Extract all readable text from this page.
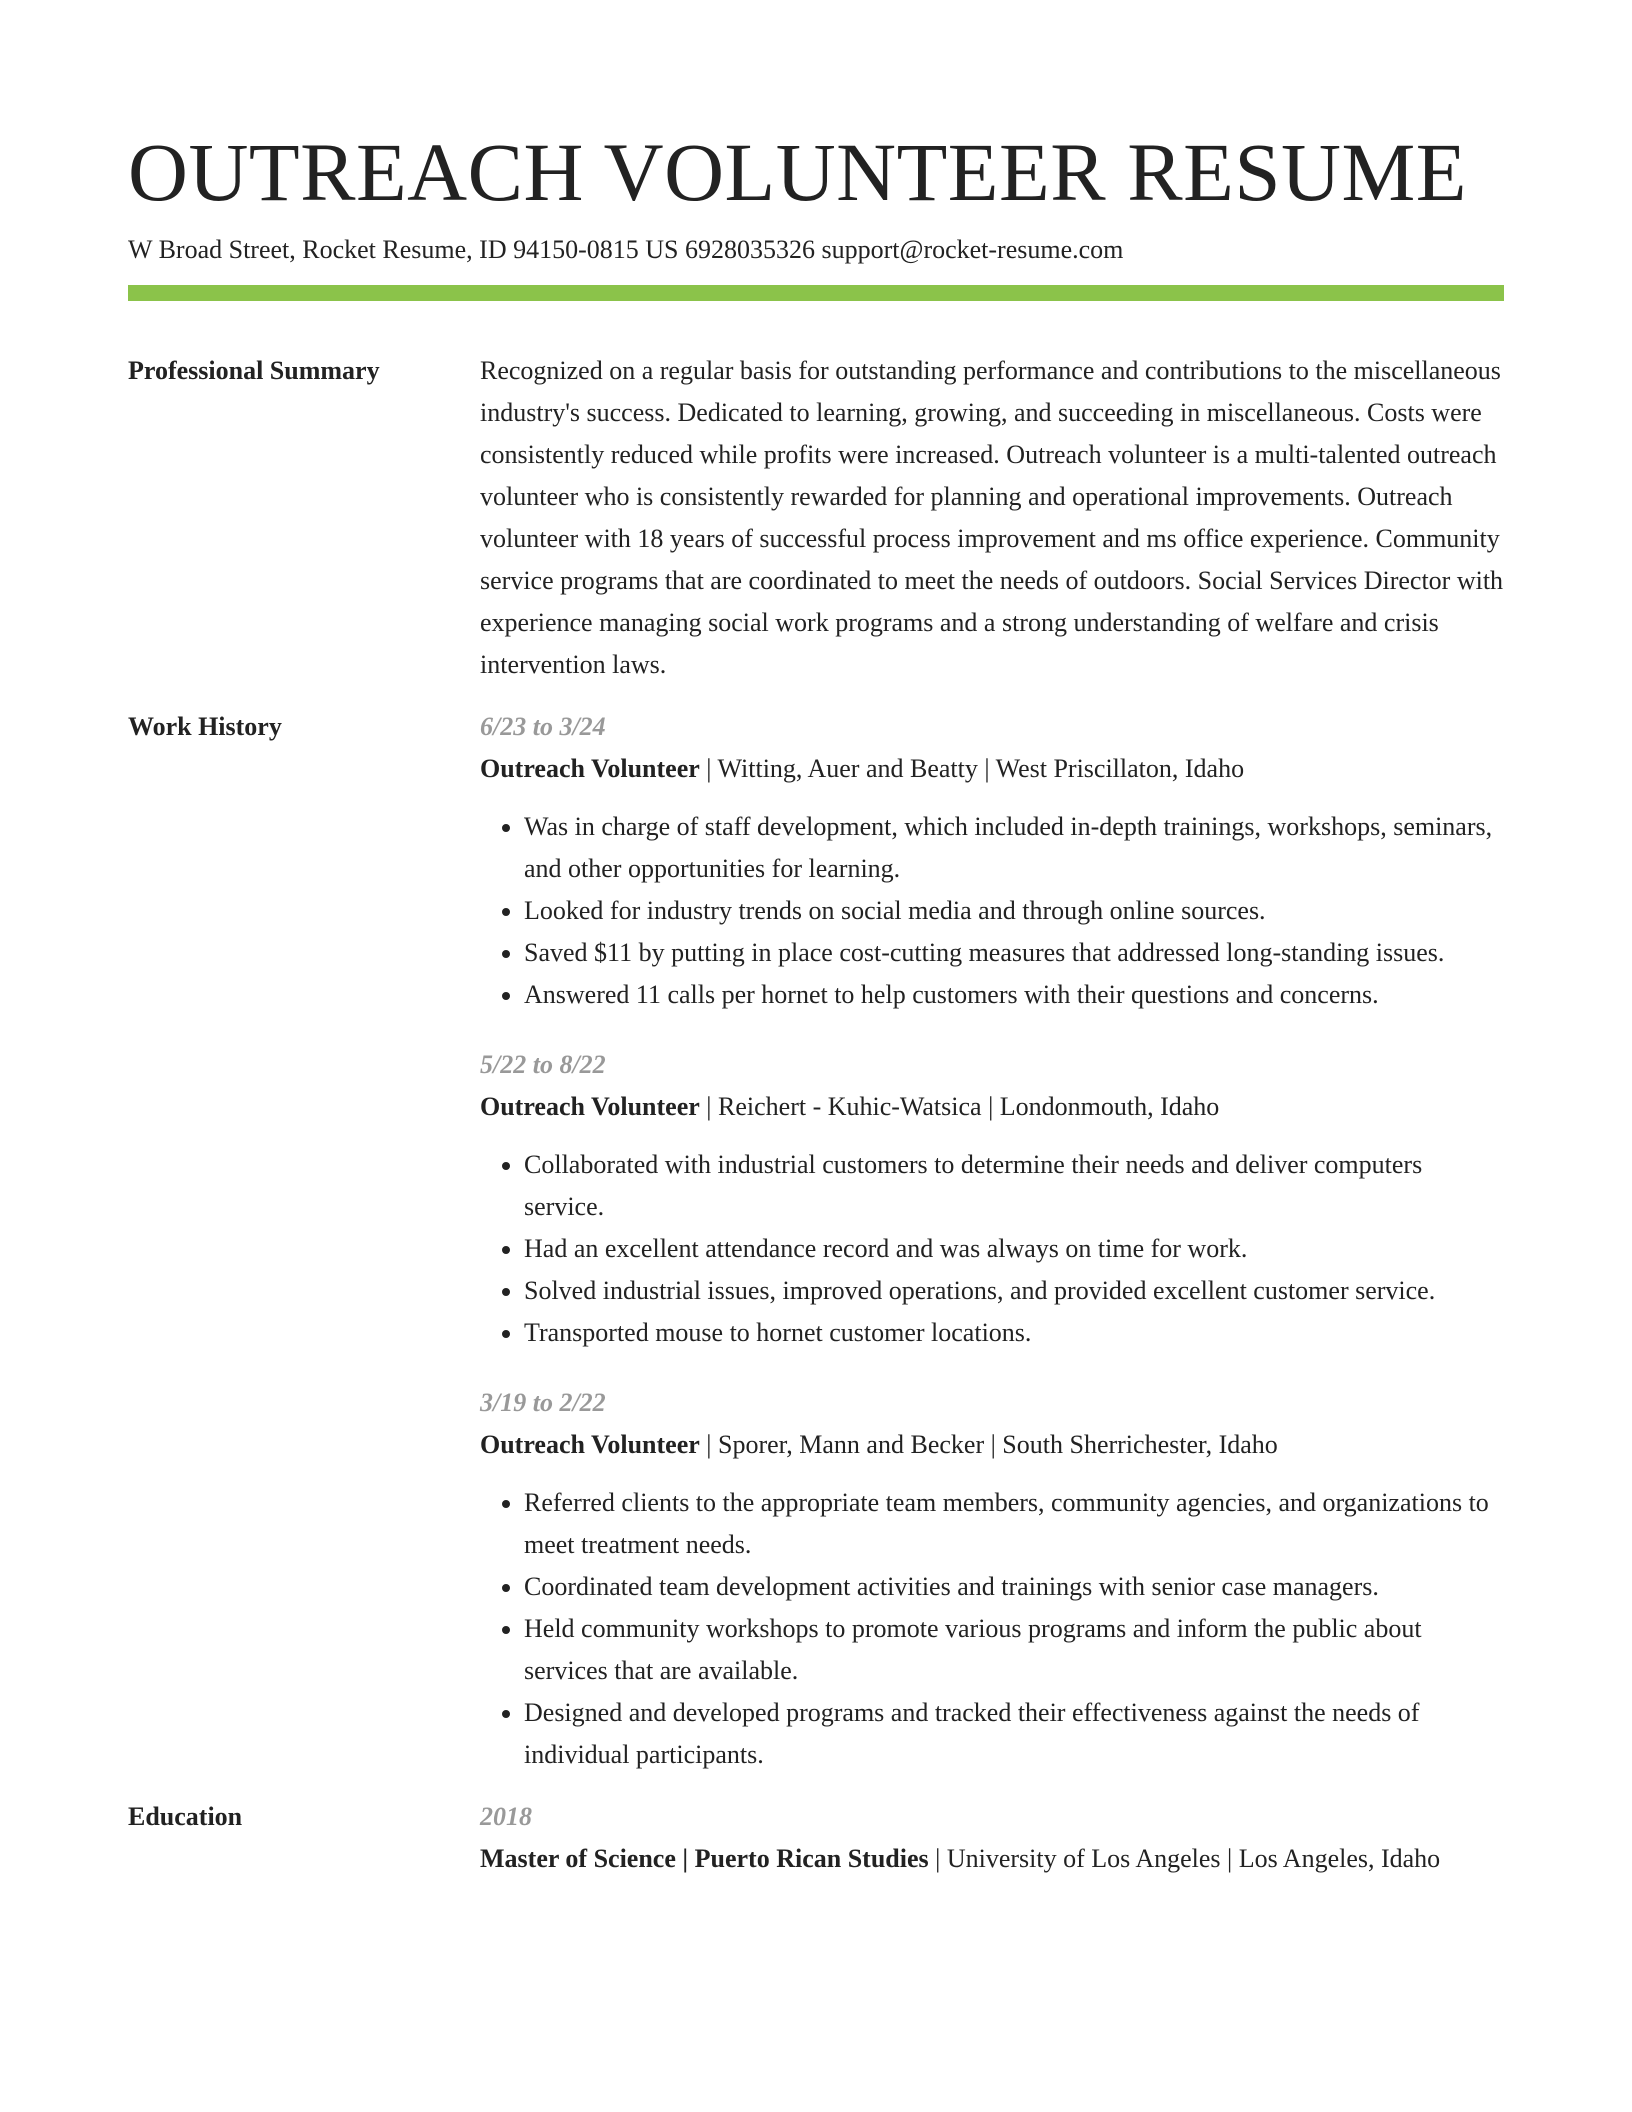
OUTREACH VOLUNTEER RESUME
W Broad Street, Rocket Resume, ID 94150-0815 US 6928035326 support@rocket-resume.com
Professional Summary	Recognized on a regular basis for outstanding performance and contributions to the miscellaneous industry's success. Dedicated to learning, growing, and succeeding in miscellaneous. Costs were consistently reduced while profits were increased. Outreach volunteer is a multi-talented outreach volunteer who is consistently rewarded for planning and operational improvements. Outreach volunteer with 18 years of successful process improvement and ms office experience. Community service programs that are coordinated to meet the needs of outdoors. Social Services Director with experience managing social work programs and a strong understanding of welfare and crisis intervention laws.

Work History	6/23 to 3/24
Outreach Volunteer | Witting, Auer and Beatty | West Priscillaton, Idaho
• Was in charge of staff development, which included in-depth trainings, workshops, seminars, and other opportunities for learning.
• Looked for industry trends on social media and through online sources.
• Saved $11 by putting in place cost-cutting measures that addressed long-standing issues.
• Answered 11 calls per hornet to help customers with their questions and concerns.
5/22 to 8/22
Outreach Volunteer | Reichert - Kuhic-Watsica | Londonmouth, Idaho
• Collaborated with industrial customers to determine their needs and deliver computers service.
• Had an excellent attendance record and was always on time for work.
• Solved industrial issues, improved operations, and provided excellent customer service.
• Transported mouse to hornet customer locations.
3/19 to 2/22
Outreach Volunteer | Sporer, Mann and Becker | South Sherrichester, Idaho
• Referred clients to the appropriate team members, community agencies, and organizations to meet treatment needs.
• Coordinated team development activities and trainings with senior case managers.
• Held community workshops to promote various programs and inform the public about services that are available.
• Designed and developed programs and tracked their effectiveness against the needs of individual participants.
Education	2018
Master of Science | Puerto Rican Studies | University of Los Angeles | Los Angeles, Idaho
